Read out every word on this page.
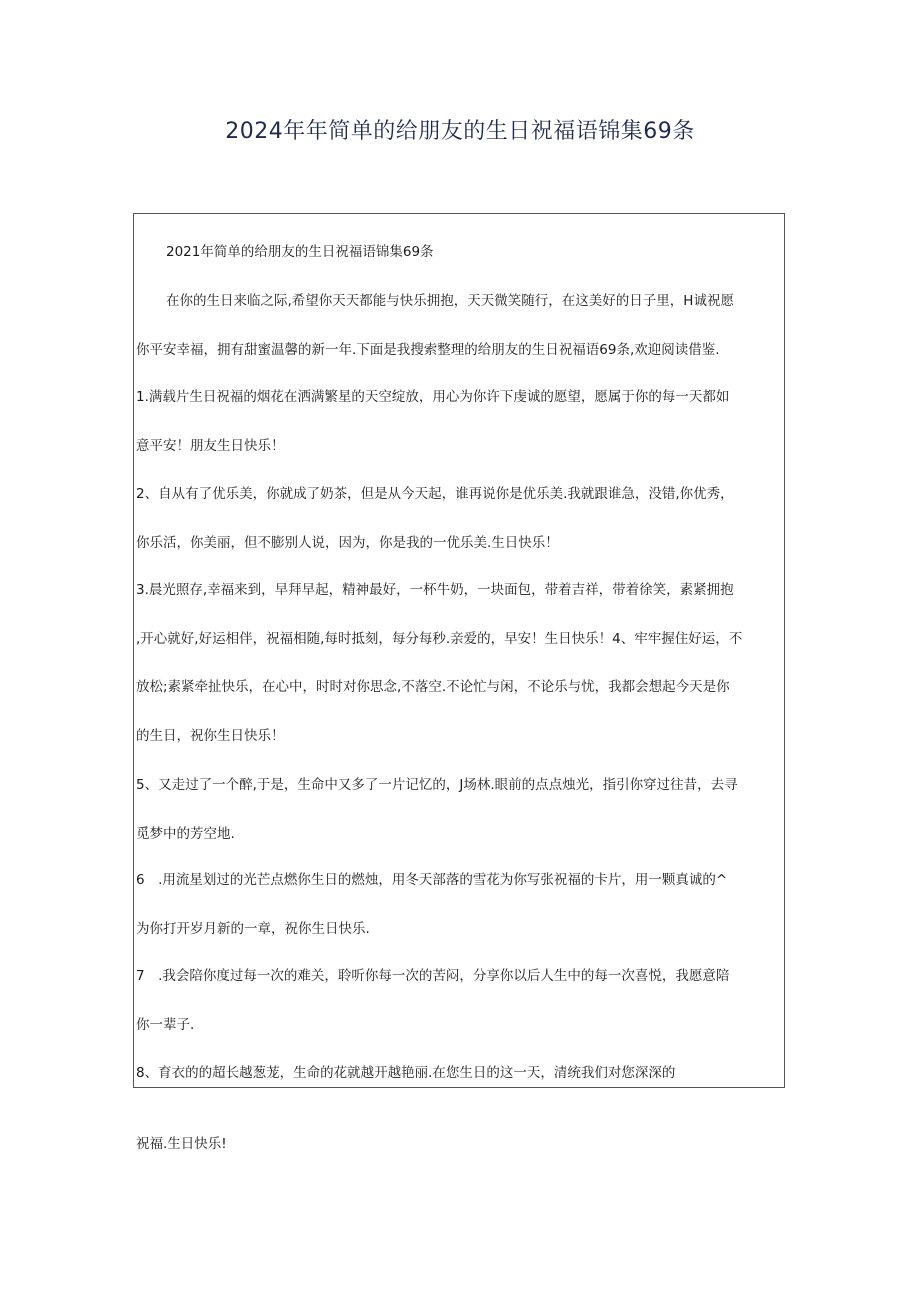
2024年年简单的给朋友的生日祝福语锦集69条

2021年简单的给朋友的生日祝福语锦集69条

在你的生日来临之际,希望你天天都能与快乐拥抱，天天微笑随行，在这美好的日子里，H诚祝愿
你平安幸福，拥有甜蜜温馨的新一年.下面是我搜索整理的给朋友的生日祝福语69条,欢迎阅读借鉴.

1.满载片生日祝福的烟花在洒满繁星的天空绽放，用心为你许下虔诚的愿望，愿属于你的每一天都如
意平安！朋友生日快乐！

2、自从有了优乐美，你就成了奶茶，但是从今天起，谁再说你是优乐美.我就跟谁急，没错,你优秀，
你乐活，你美丽，但不膨别人说，因为，你是我的一优乐美.生日快乐！

3.晨光照存,幸福来到，早拜早起，精神最好，一杯牛奶，一块面包，带着吉祥，带着徐笑，素紧拥抱
,开心就好,好运相伴，祝福相随,每时抵刻，每分每秒.亲爱的，早安！生日快乐！4、牢牢握住好运，不
放松;素紧牵扯快乐，在心中，时时对你思念,不落空.不论忙与闲，不论乐与忧，我都会想起今天是你
的生日，祝你生日快乐！

5、又走过了一个醉,于是，生命中又多了一片记忆的，J场林.眼前的点点烛光，指引你穿过往昔，去寻
觅梦中的芳空地.

6　.用流星划过的光芒点燃你生日的燃烛，用冬天部落的雪花为你写张祝福的卡片，用一颗真诚的^
为你打开岁月新的一章，祝你生日快乐.

7　.我会陪你度过每一次的难关，聆听你每一次的苦闷，分享你以后人生中的每一次喜悦，我愿意陪
你一辈子.

8、育衣的的超长越葱茏，生命的花就越开越艳丽.在您生日的这一天，清统我们对您深深的

祝福.生日快乐!
